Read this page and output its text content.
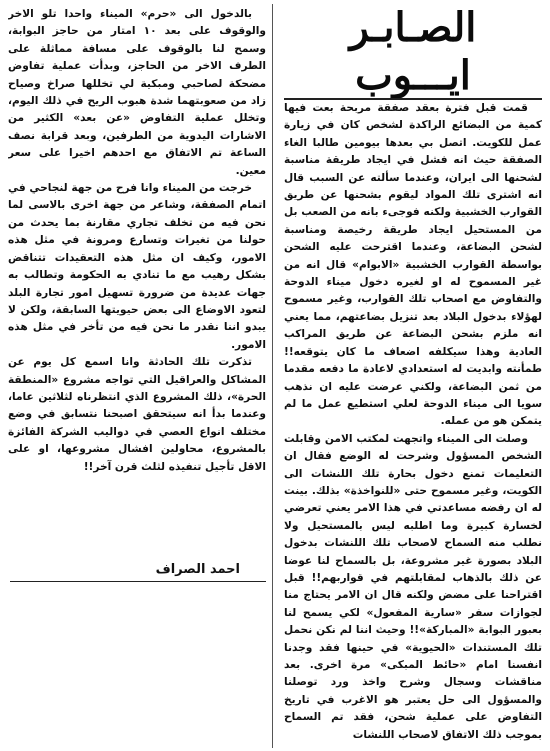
الصـابـر
ايـــوب

قمت قبل فترة بعقد صفقة مربحة بعت فيها كمية من البضائع الراكدة لشخص كان في زيارة عمل للكويت. اتصل بي بعدها بيومين طالبا الغاء الصفقة حيث انه فشل في ايجاد طريقة مناسبة لشحنها الى ايران، وعندما سألته عن السبب قال انه اشترى تلك المواد ليقوم بشحنها عن طريق القوارب الخشبية ولكنه فوجىء بانه من الصعب بل من المستحيل ايجاد طريقة رخيصة ومناسبة لشحن البضاعة، وعندما اقترحت عليه الشحن بواسطة القوارب الخشبية «الابوام» قال انه من غير المسموح له او لغيره دخول ميناء الدوحة والتفاوض مع اصحاب تلك القوارب، وغير مسموح لهؤلاء بدخول البلاد بعد تنزيل بضاعتهم، مما يعني انه ملزم بشحن البضاعة عن طريق المراكب العادية وهذا سيكلفه اضعاف ما كان يتوقعه!! طمأنته وابديت له استعدادي لاعادة ما دفعه مقدما من ثمن البضاعة، ولكني عرضت عليه ان نذهب سويا الى ميناء الدوحة لعلي استطيع عمل ما لم يتمكن هو من عمله.

وصلت الى الميناء واتجهت لمكتب الامن وقابلت الشخص المسؤول وشرحت له الوضع فقال ان التعليمات تمنع دخول بحارة تلك اللنشات الى الكويت، وغير مسموح حتى «للنواخذة» بذلك. بينت له ان رفضه مساعدتي في هذا الامر يعني تعرضي لخسارة كبيرة وما اطلبه ليس بالمستحيل ولا نطلب منه السماح لاصحاب تلك اللنشات بدخول البلاد بصورة غير مشروعة، بل بالسماح لنا عوضا عن ذلك بالذهاب لمقابلتهم في قواربهم!! قبل اقتراحنا على مضض ولكنه قال ان الامر يحتاج منا لجوازات سفر «سارية المفعول» لكي يسمح لنا بعبور البوابة «المباركة»!! وحيث اننا لم نكن نحمل تلك المستندات «الحيوية» في حينها فقد وجدنا انفسنا امام «حائط المبكى» مرة اخرى. بعد مناقشات وسجال وشرح واخذ ورد توصلنا والمسؤول الى حل يعتبر هو الاغرب في تاريخ التفاوض على عملية شحن، فقد تم السماح بموجب ذلك الاتفاق لاصحاب اللنشات

بالدخول الى «حرم» الميناء واحدا تلو الاخر والوقوف على بعد ١٠ امتار من حاجز البوابة، وسمح لنا بالوقوف على مسافة مماثلة على الطرف الاخر من الحاجز، وبدأت عملية تفاوض مضحكة لصاحبي ومبكية لي تخللها صراخ وصياح زاد من صعوبتهما شدة هبوب الريح في ذلك اليوم، وتخلل عملية التفاوض «عن بعد» الكثير من الاشارات اليدوية من الطرفين، وبعد قرابة نصف الساعة تم الاتفاق مع احدهم اخيرا على سعر معين.

خرجت من الميناء وانا فرح من جهة لنجاحي في اتمام الصفقة، وشاعر من جهة اخرى بالاسى لما نحن فيه من تخلف تجاري مقارنة بما يحدث من حولنا من تغيرات وتسارع ومرونة في مثل هذه الامور، وكيف ان مثل هذه التعقيدات تتناقض بشكل رهيب مع ما تنادي به الحكومة وتطالب به جهات عديدة من ضرورة تسهيل امور تجارة البلد لتعود الاوضاع الى بعض حيويتها السابقة، ولكن لا يبدو اننا نقدر ما نحن فيه من تأخر في مثل هذه الامور.

تذكرت تلك الحادثة وانا اسمع كل يوم عن المشاكل والعراقيل التي تواجه مشروع «المنطقة الحرة»، ذلك المشروع الذي انتظرناه لثلاثين عاما، وعندما بدأ انه سيتحقق اصبحنا نتسابق في وضع مختلف انواع العصي في دواليب الشركة الفائزة بالمشروع، محاولين افشال مشروعها، او على الاقل تأجيل تنفيذه لثلث قرن آخر!!

احمد الصراف
